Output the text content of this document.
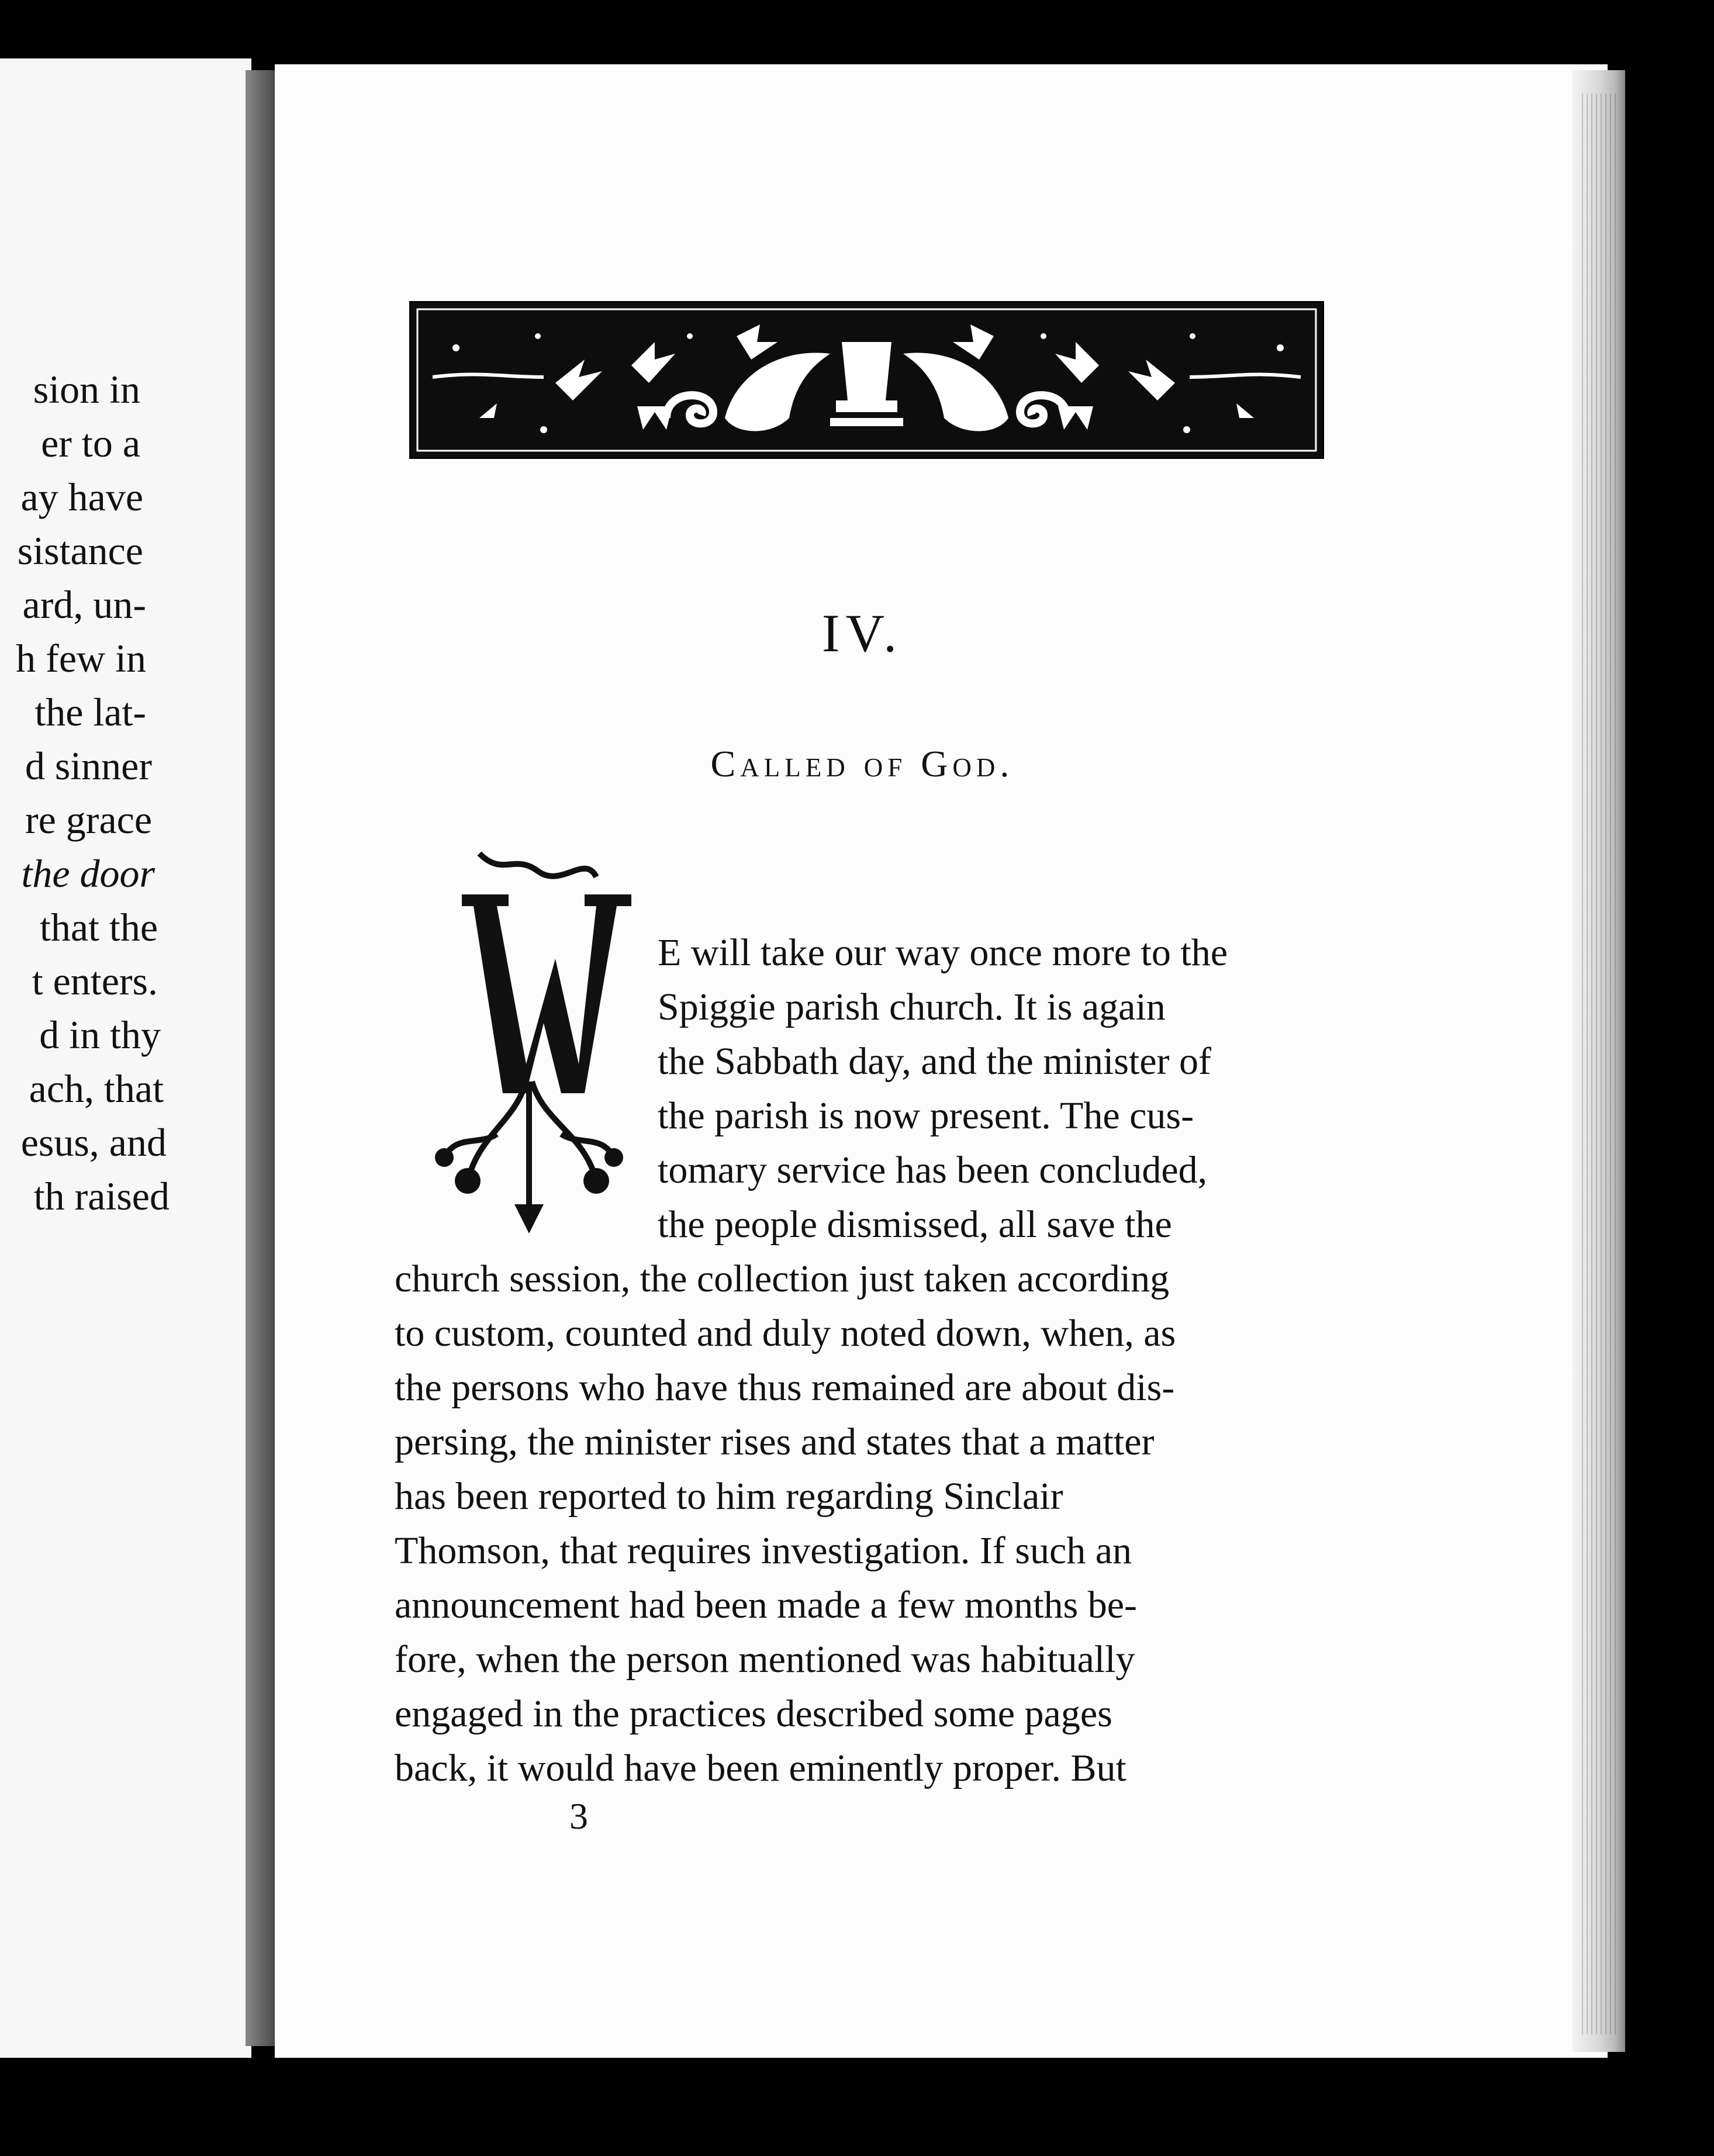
sion in
er to a
ay have
sistance
ard, un-
h few in
the lat-
d sinner
re grace
the door
that the
t enters.
d in thy
ach, that
esus, and
th raised
IV.
Called of God.
E will take our way once more to the
Spiggie parish church. It is again
the Sabbath day, and the minister of
the parish is now present. The cus-
tomary service has been concluded,
the people dismissed, all save the
church session, the collection just taken according
to custom, counted and duly noted down, when, as
the persons who have thus remained are about dis-
persing, the minister rises and states that a matter
has been reported to him regarding Sinclair
Thomson, that requires investigation. If such an
announcement had been made a few months be-
fore, when the person mentioned was habitually
engaged in the practices described some pages
back, it would have been eminently proper. But
3
